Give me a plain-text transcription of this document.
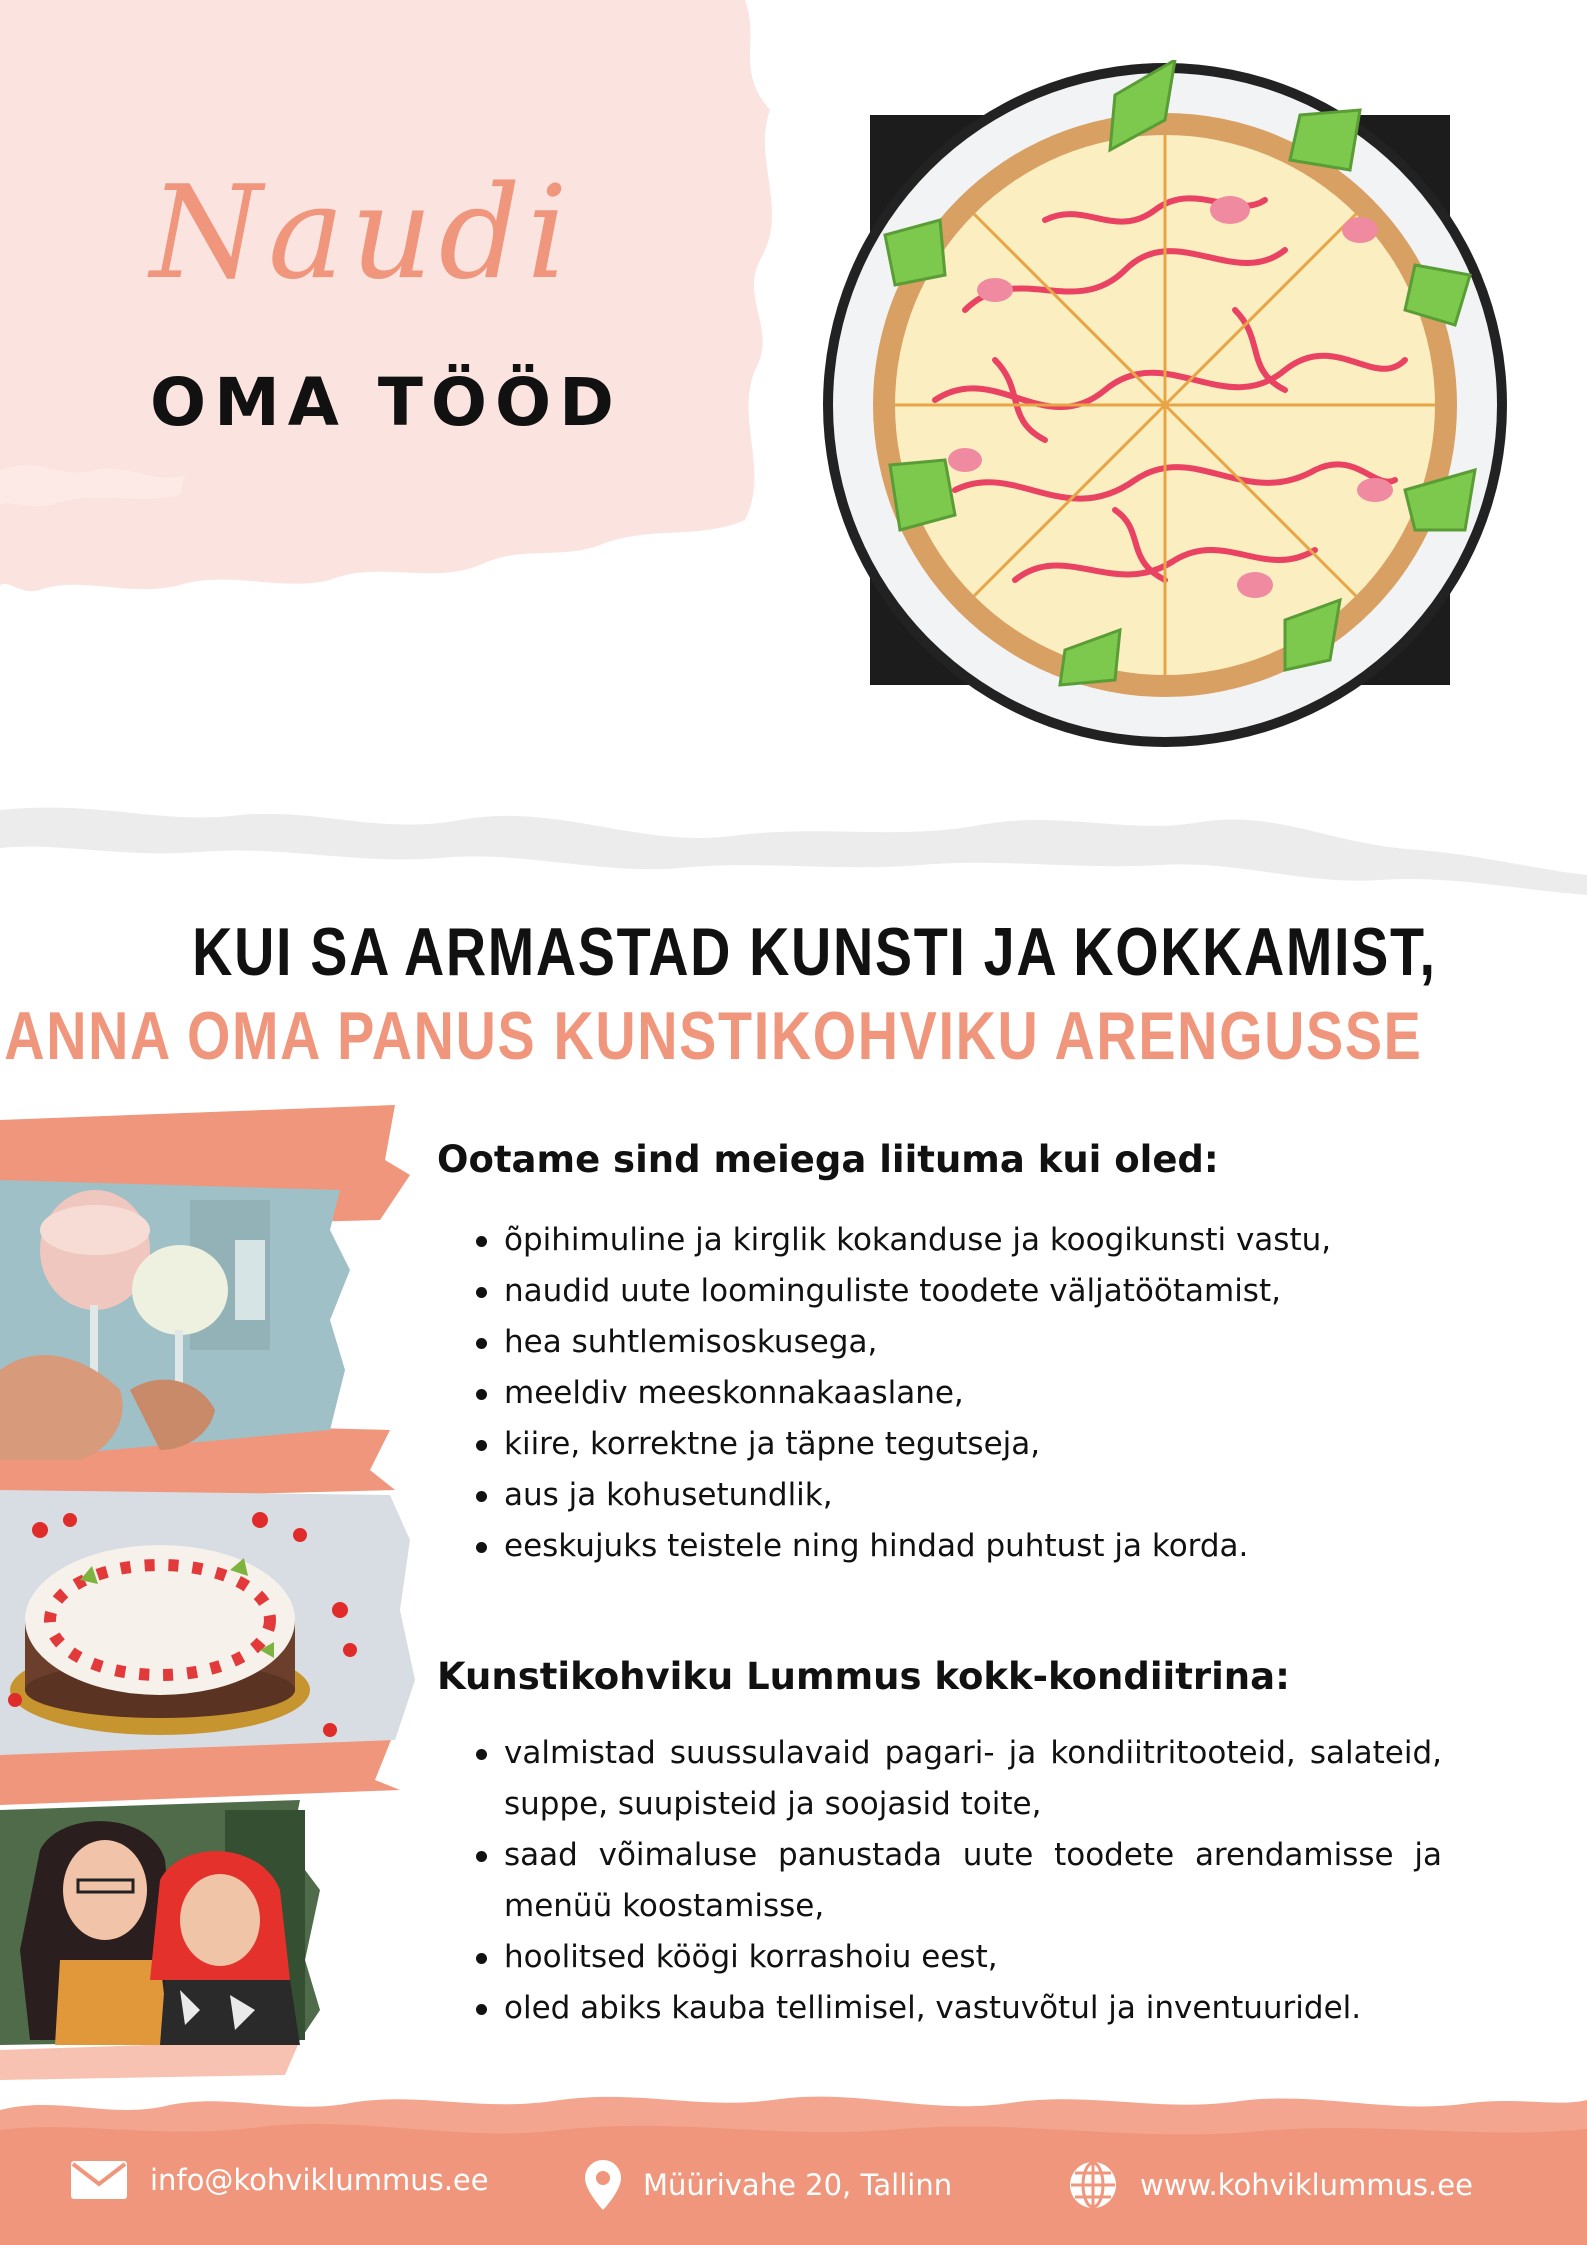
Naudi
OMA TÖÖD
KUI SA ARMASTAD KUNSTI JA KOKKAMIST,
ANNA OMA PANUS KUNSTIKOHVIKU ARENGUSSE
Ootame sind meiega liituma kui oled:
õpihimuline ja kirglik kokanduse ja koogikunsti vastu,
naudid uute loominguliste toodete väljatöötamist,
hea suhtlemisoskusega,
meeldiv meeskonnakaaslane,
kiire, korrektne ja täpne tegutseja,
aus ja kohusetundlik,
eeskujuks teistele ning hindad puhtust ja korda.
Kunstikohviku Lummus kokk-kondiitrina:
valmistad suussulavaid pagari- ja kondiitritooteid, salateid, suppe, suupisteid ja soojasid toite,
saad võimaluse panustada uute toodete arendamisse ja menüü koostamisse,
hoolitsed köögi korrashoiu eest,
oled abiks kauba tellimisel, vastuvõtul ja inventuuridel.
info@kohviklummus.ee	Müürivahe 20, Tallinn	www.kohviklummus.ee
